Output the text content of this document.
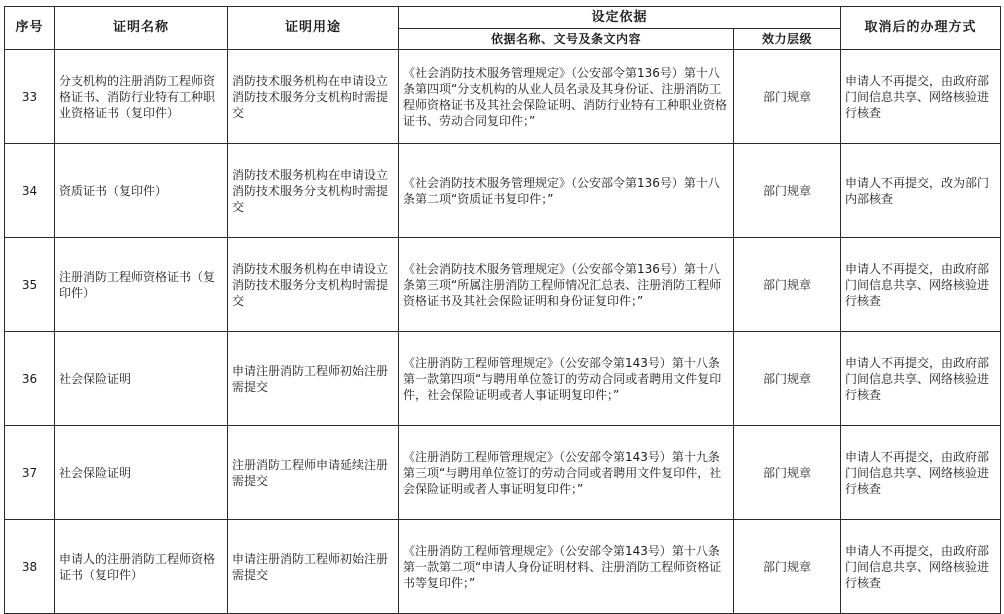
序号	证明名称	证明用途	设定依据		取消后的办理方式
			依据名称、文号及条文内容	效力层级	
33	分支机构的注册消防工程师资格证书、消防行业特有工种职业资格证书（复印件）	消防技术服务机构在申请设立消防技术服务分支机构时需提交	《社会消防技术服务管理规定》（公安部令第136号）第十八条第四项“分支机构的从业人员名录及其身份证、注册消防工程师资格证书及其社会保险证明、消防行业特有工种职业资格证书、劳动合同复印件；”	部门规章	申请人不再提交，由政府部门间信息共享、网络核验进行核查
34	资质证书（复印件）	消防技术服务机构在申请设立消防技术服务分支机构时需提交	《社会消防技术服务管理规定》（公安部令第136号）第十八条第二项“资质证书复印件；”	部门规章	申请人不再提交，改为部门内部核查
35	注册消防工程师资格证书（复印件）	消防技术服务机构在申请设立消防技术服务分支机构时需提交	《社会消防技术服务管理规定》（公安部令第136号）第十八条第三项“所属注册消防工程师情况汇总表、注册消防工程师资格证书及其社会保险证明和身份证复印件；”	部门规章	申请人不再提交，由政府部门间信息共享、网络核验进行核查
36	社会保险证明	申请注册消防工程师初始注册需提交	《注册消防工程师管理规定》（公安部令第143号）第十八条第一款第四项“与聘用单位签订的劳动合同或者聘用文件复印件，社会保险证明或者人事证明复印件；”	部门规章	申请人不再提交，由政府部门间信息共享、网络核验进行核查
37	社会保险证明	注册消防工程师申请延续注册需提交	《注册消防工程师管理规定》（公安部令第143号）第十九条第三项“与聘用单位签订的劳动合同或者聘用文件复印件，社会保险证明或者人事证明复印件；”	部门规章	申请人不再提交，由政府部门间信息共享、网络核验进行核查
38	申请人的注册消防工程师资格证书（复印件）	申请注册消防工程师初始注册需提交	《注册消防工程师管理规定》（公安部令第143号）第十八条第一款第二项“申请人身份证明材料、注册消防工程师资格证书等复印件；”	部门规章	申请人不再提交，由政府部门间信息共享、网络核验进行核查
